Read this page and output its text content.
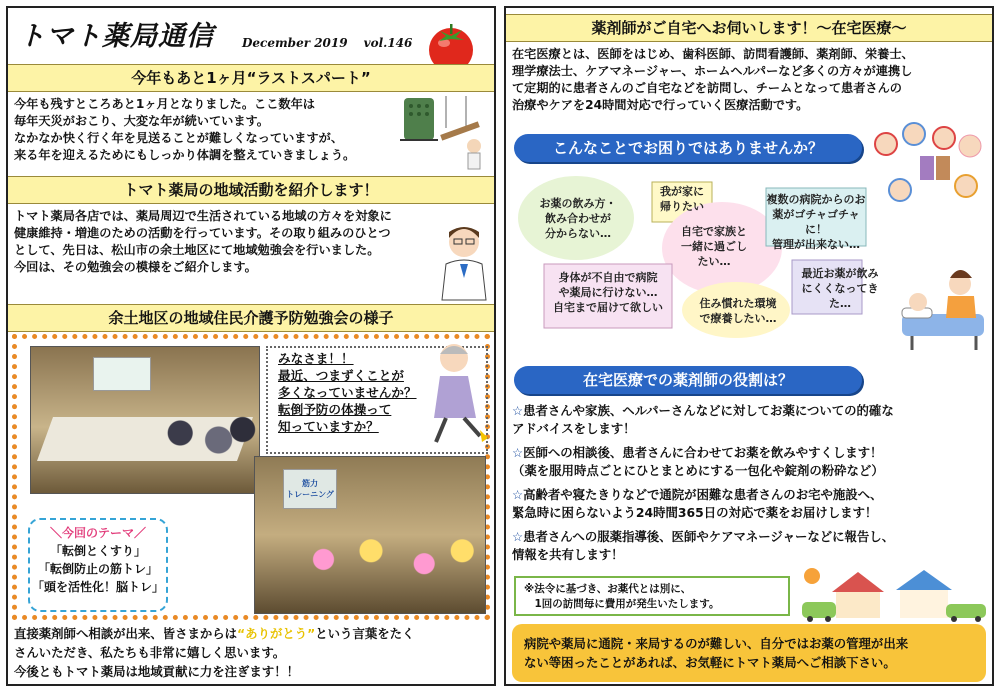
トマト薬局通信 December 2019 vol.146
今年もあと1ヶ月“ラストスパート”
今年も残すところあと1ヶ月となりました。ここ数年は
毎年天災がおこり、大変な年が続いています。
なかなか快く行く年を見送ることが難しくなっていますが、
来る年を迎えるためにもしっかり体調を整えていきましょう。
トマト薬局の地域活動を紹介します！
トマト薬局各店では、薬局周辺で生活されている地域の方々を対象に
健康維持・増進のための活動を行っています。その取り組みのひとつ
として、先日は、松山市の余土地区にて地域勉強会を行いました。
今回は、その勉強会の模様をご紹介します。
余土地区の地域住民介護予防勉強会の様子
みなさま！！
最近、つまずくことが
多くなっていませんか？
転倒予防の体操って
知っていますか？
筋力
トレーニング
＼今回のテーマ／
「転倒とくすり」
「転倒防止の筋トレ」
「頭を活性化！脳トレ」
直接薬剤師へ相談が出来、皆さまからは“ありがとう”という言葉をたく
さんいただき、私たちも非常に嬉しく思います。
今後ともトマト薬局は地域貢献に力を注ぎます！！
薬剤師がご自宅へお伺いします！～在宅医療～
在宅医療とは、医師をはじめ、歯科医師、訪問看護師、薬剤師、栄養士、
理学療法士、ケアマネージャー、ホームヘルパーなど多くの方々が連携し
て定期的に患者さんのご自宅などを訪問し、チームとなって患者さんの
治療やケアを24時間対応で行っていく医療活動です。
こんなことでお困りではありませんか？
お薬の飲み方・
飲み合わせが
分からない…
我が家に
帰りたい
自宅で家族と
一緒に過ごし
たい…
複数の病院からのお
薬がゴチャゴチャに！
管理が出来ない…
身体が不自由で病院
や薬局に行けない…
自宅まで届けて欲しい	住み慣れた環境
で療養したい…
最近お薬が飲み
にくくなってきた…
在宅医療での薬剤師の役割は？
☆患者さんや家族、ヘルパーさんなどに対してお薬についての的確な
アドバイスをします！
☆医師への相談後、患者さんに合わせてお薬を飲みやすくします！
（薬を服用時点ごとにひとまとめにする一包化や錠剤の粉砕など）
☆高齢者や寝たきりなどで通院が困難な患者さんのお宅や施設へ、
緊急時に困らないよう24時間365日の対応で薬をお届けします！
☆患者さんへの服薬指導後、医師やケアマネージャーなどに報告し、
情報を共有します！
※法令に基づき、お薬代とは別に、
　1回の訪問毎に費用が発生いたします。
病院や薬局に通院・来局するのが難しい、自分ではお薬の管理が出来
ない等困ったことがあれば、お気軽にトマト薬局へご相談下さい。
